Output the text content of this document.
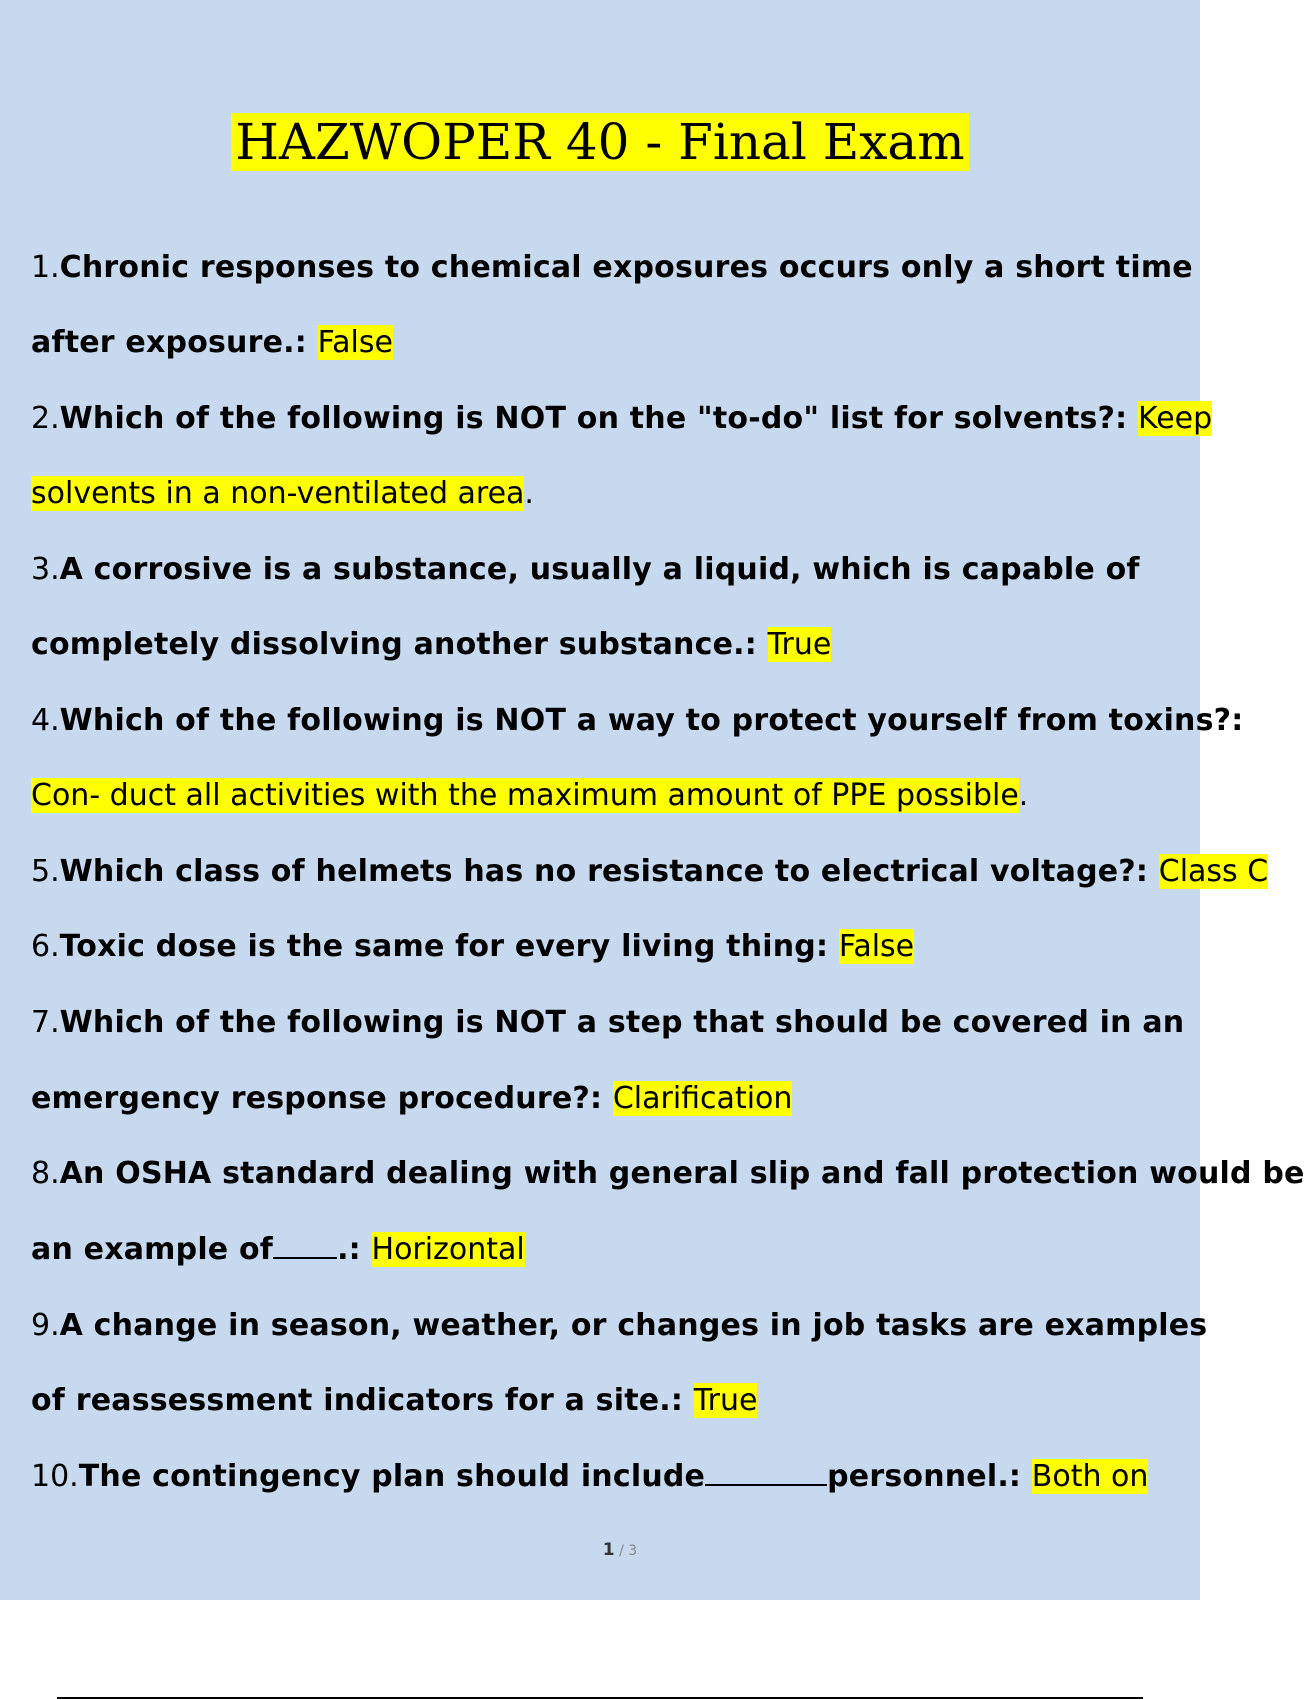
HAZWOPER 40 - Final Exam
1.Chronic responses to chemical exposures occurs only a short time
after exposure.: False
2.Which of the following is NOT on the "to-do" list for solvents?: Keep
solvents in a non-ventilated area.
3.A corrosive is a substance, usually a liquid, which is capable of
completely dissolving another substance.: True
4.Which of the following is NOT a way to protect yourself from toxins?:
Con- duct all activities with the maximum amount of PPE possible.
5.Which class of helmets has no resistance to electrical voltage?: Class C
6.Toxic dose is the same for every living thing: False
7.Which of the following is NOT a step that should be covered in an
emergency response procedure?: Clarification
8.An OSHA standard dealing with general slip and fall protection would be
an example of .: Horizontal
9.A change in season, weather, or changes in job tasks are examples
of reassessment indicators for a site.: True
10.The contingency plan should include	personnel.: Both on
1 / 3
